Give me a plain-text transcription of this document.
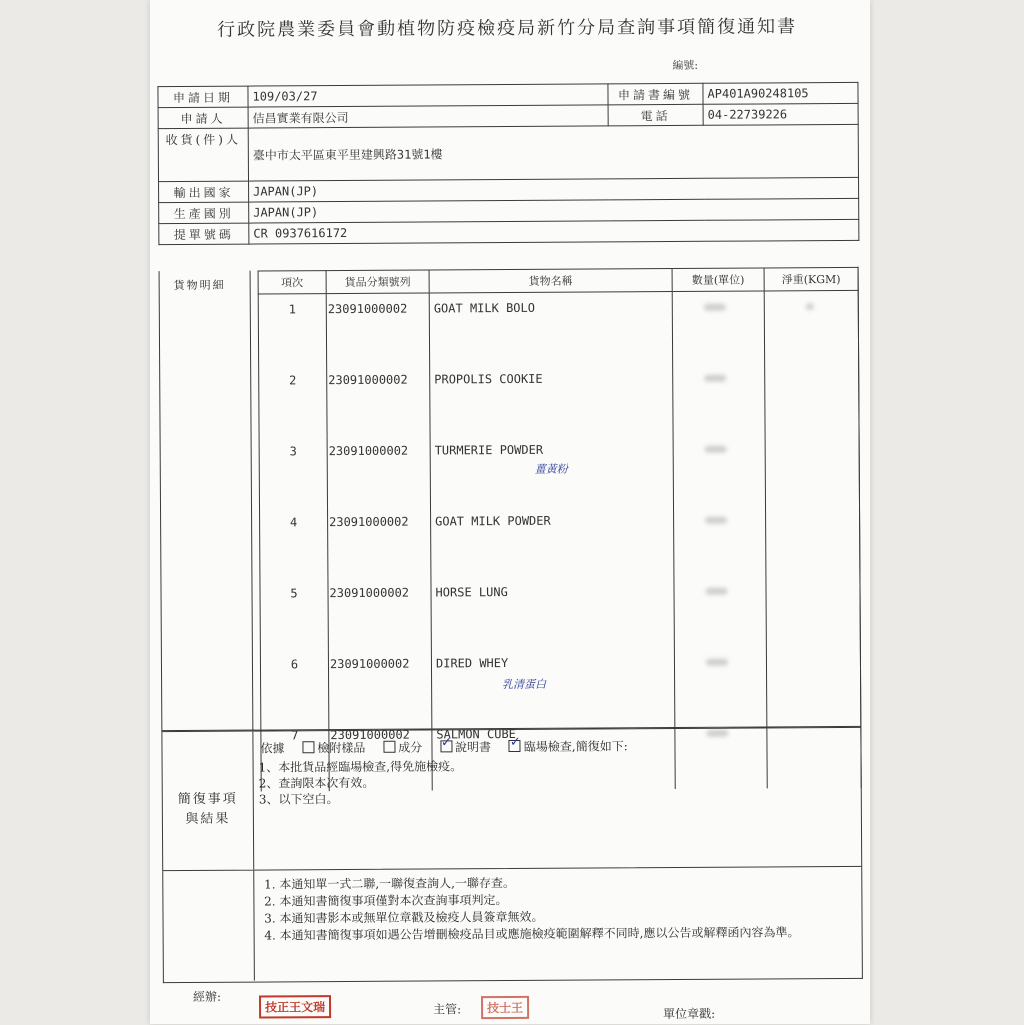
行政院農業委員會動植物防疫檢疫局新竹分局查詢事項簡復通知書
編號:
申請日期	109/03/27	申請書編號	AP401A90248105
申請人	佶昌實業有限公司	電話	04-22739226
收貨(件)人	臺中市太平區東平里建興路31號1樓		
輸出國家	JAPAN(JP)		
生產國別	JAPAN(JP)		
提單號碼	CR 0937616172		
貨物明細	項次	貨品分類號列	貨物名稱	數量(單位)	淨重(KGM)
1	23091000002	GOAT MILK BOLO		
2	23091000002	PROPOLIS COOKIE		
3	23091000002	TURMERIE POWDER
薑黃粉		

4	23091000002	GOAT MILK POWDER		
5	23091000002	HORSE LUNG		
6	23091000002	DIRED WHEY
乳清蛋白		

7	23091000002	SALMON CUBE		
簡復事項與結果
依據	檢附樣品	成分 ✓	說明書 ✓	臨場檢查,簡復如下:
1、本批貨品經臨場檢查,得免施檢疫。
2、查詢限本次有效。
3、以下空白。
1. 本通知單一式二聯,一聯復查詢人,一聯存查。
2. 本通知書簡復事項僅對本次查詢事項判定。
3. 本通知書影本或無單位章戳及檢疫人員簽章無效。
4. 本通知書簡復事項如遇公告增刪檢疫品目或應施檢疫範圍解釋不同時,應以公告或解釋函內容為準。
經辦:
技正王文瑞	主管:	技士王	單位章戳:
